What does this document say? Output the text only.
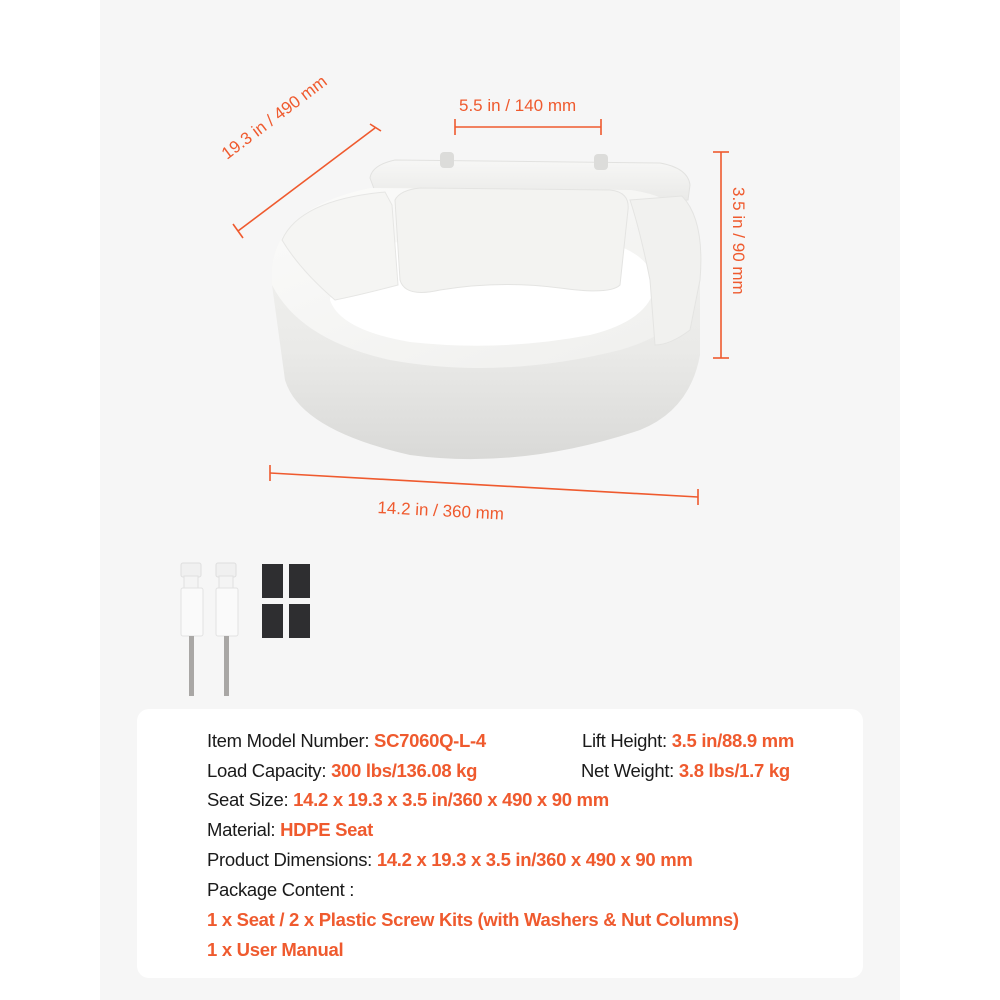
5.5 in / 140 mm
19.3 in / 490 mm
3.5 in / 90 mm
14.2 in / 360 mm
Item Model Number: SC7060Q-L-4	Lift Height: 3.5 in/88.9 mm
Load Capacity: 300 lbs/136.08 kg	Net Weight: 3.8 lbs/1.7 kg
Seat Size: 14.2 x 19.3 x 3.5 in/360 x 490 x 90 mm
Material: HDPE Seat
Product Dimensions: 14.2 x 19.3 x 3.5 in/360 x 490 x 90 mm
Package Content :
1 x Seat / 2 x Plastic Screw Kits (with Washers & Nut Columns)
1 x User Manual
